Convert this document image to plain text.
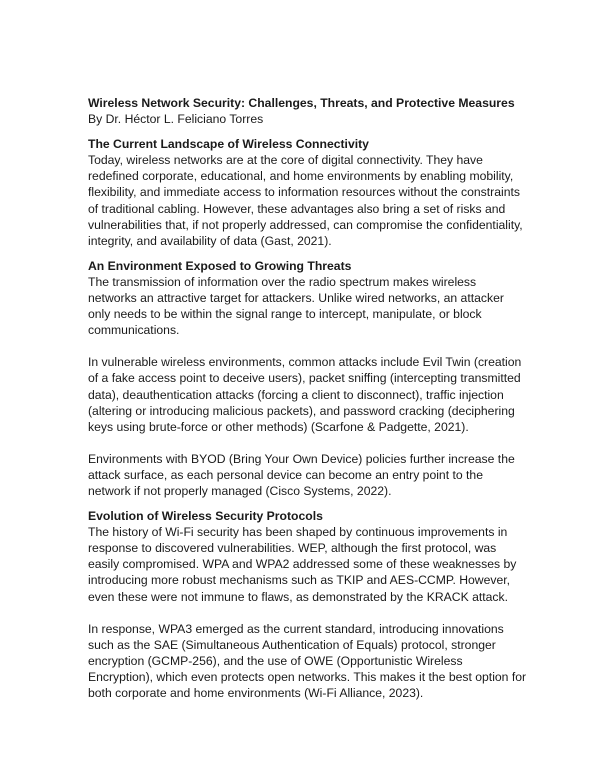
Wireless Network Security: Challenges, Threats, and Protective Measures

By Dr. Héctor L. Feliciano Torres

The Current Landscape of Wireless Connectivity

Today, wireless networks are at the core of digital connectivity. They have redefined corporate, educational, and home environments by enabling mobility, flexibility, and immediate access to information resources without the constraints of traditional cabling. However, these advantages also bring a set of risks and vulnerabilities that, if not properly addressed, can compromise the confidentiality, integrity, and availability of data (Gast, 2021).

An Environment Exposed to Growing Threats

The transmission of information over the radio spectrum makes wireless networks an attractive target for attackers. Unlike wired networks, an attacker only needs to be within the signal range to intercept, manipulate, or block communications.

In vulnerable wireless environments, common attacks include Evil Twin (creation of a fake access point to deceive users), packet sniffing (intercepting transmitted data), deauthentication attacks (forcing a client to disconnect), traffic injection (altering or introducing malicious packets), and password cracking (deciphering keys using brute-force or other methods) (Scarfone & Padgette, 2021).

Environments with BYOD (Bring Your Own Device) policies further increase the attack surface, as each personal device can become an entry point to the network if not properly managed (Cisco Systems, 2022).

Evolution of Wireless Security Protocols

The history of Wi-Fi security has been shaped by continuous improvements in response to discovered vulnerabilities. WEP, although the first protocol, was easily compromised. WPA and WPA2 addressed some of these weaknesses by introducing more robust mechanisms such as TKIP and AES-CCMP. However, even these were not immune to flaws, as demonstrated by the KRACK attack.

In response, WPA3 emerged as the current standard, introducing innovations such as the SAE (Simultaneous Authentication of Equals) protocol, stronger encryption (GCMP-256), and the use of OWE (Opportunistic Wireless Encryption), which even protects open networks. This makes it the best option for both corporate and home environments (Wi-Fi Alliance, 2023).
